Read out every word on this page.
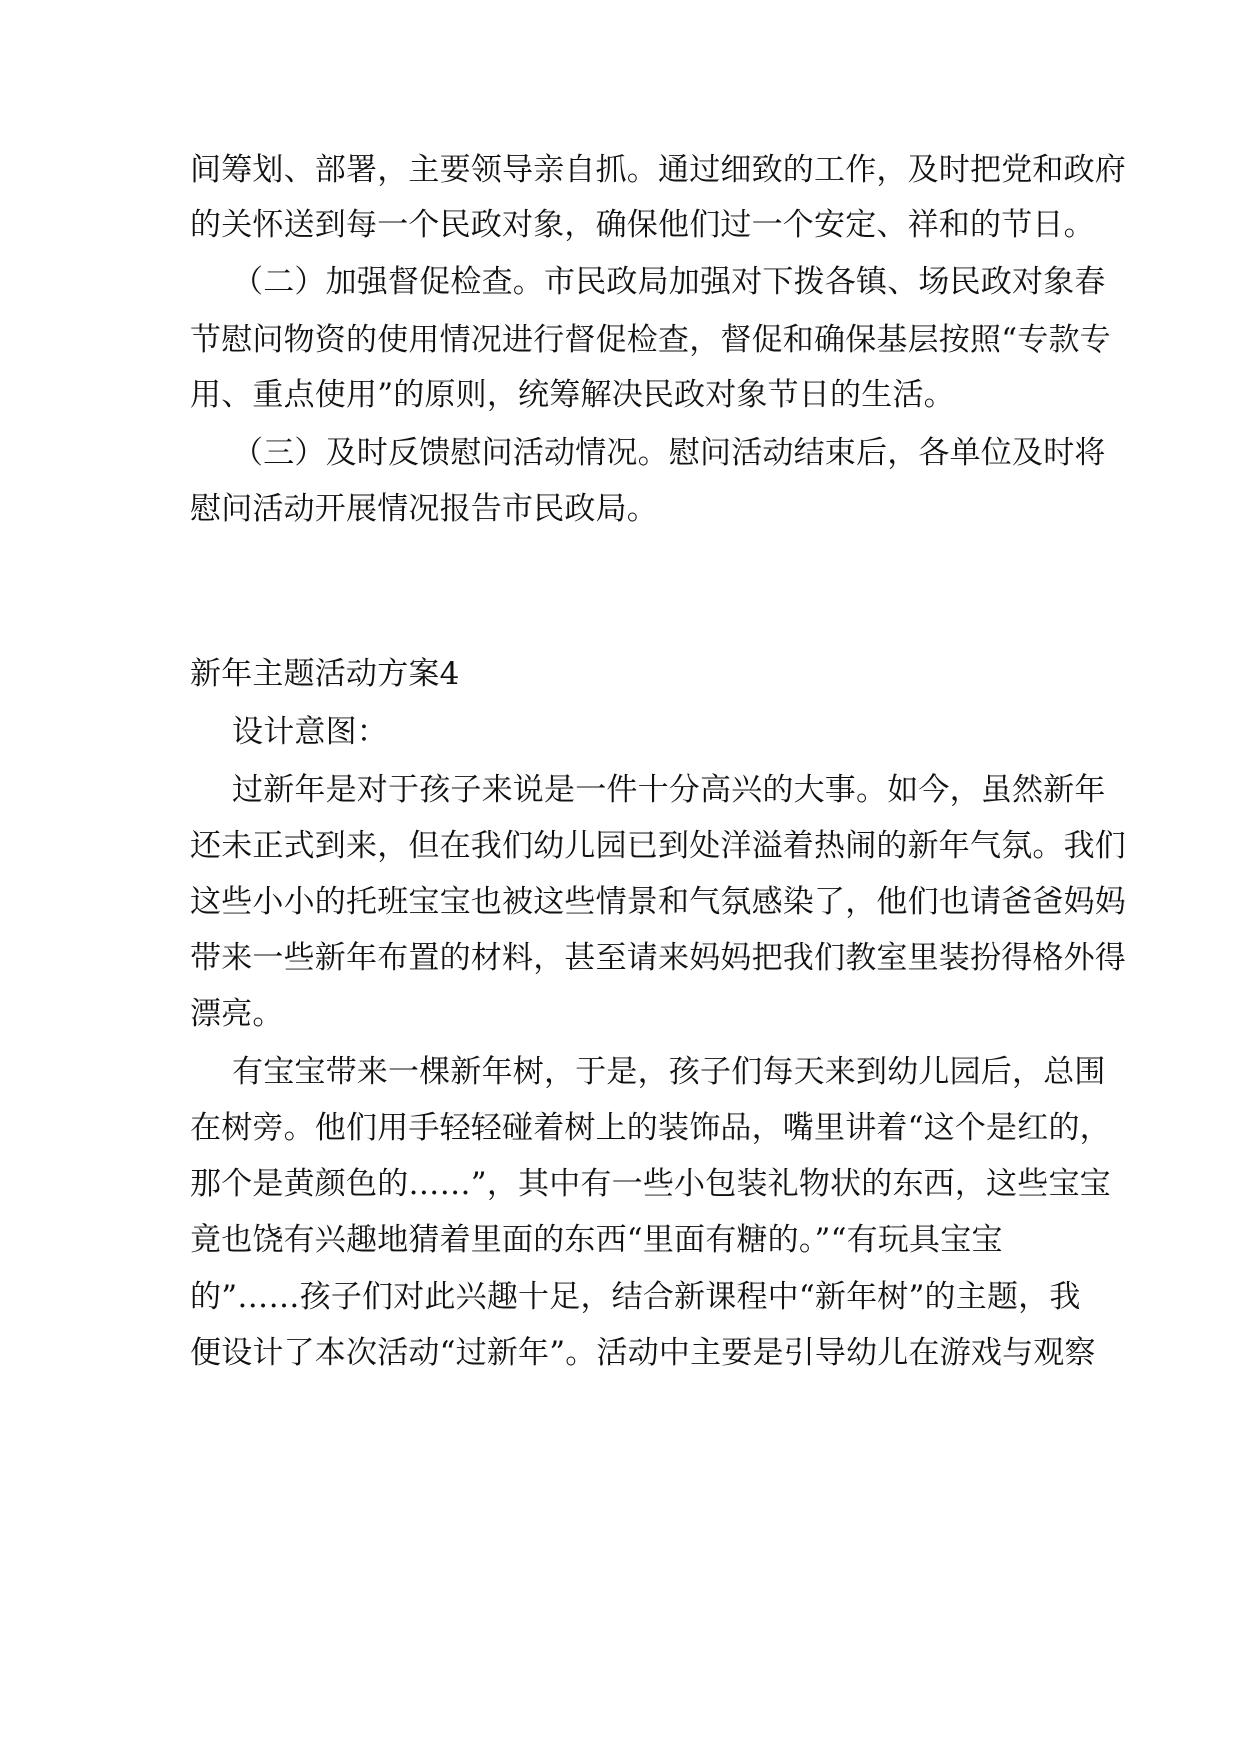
间筹划、部署，主要领导亲自抓。通过细致的工作，及时把党和政府
的关怀送到每一个民政对象，确保他们过一个安定、祥和的节日。
（二）加强督促检查。市民政局加强对下拨各镇、场民政对象春
节慰问物资的使用情况进行督促检查，督促和确保基层按照“专款专
用、重点使用”的原则，统筹解决民政对象节日的生活。
（三）及时反馈慰问活动情况。慰问活动结束后，各单位及时将
慰问活动开展情况报告市民政局。
新年主题活动方案4
设计意图：
过新年是对于孩子来说是一件十分高兴的大事。如今，虽然新年
还未正式到来，但在我们幼儿园已到处洋溢着热闹的新年气氛。我们
这些小小的托班宝宝也被这些情景和气氛感染了，他们也请爸爸妈妈
带来一些新年布置的材料，甚至请来妈妈把我们教室里装扮得格外得
漂亮。
有宝宝带来一棵新年树，于是，孩子们每天来到幼儿园后，总围
在树旁。他们用手轻轻碰着树上的装饰品，嘴里讲着“这个是红的，
那个是黄颜色的……”，其中有一些小包装礼物状的东西，这些宝宝
竟也饶有兴趣地猜着里面的东西“里面有糖的。”“有玩具宝宝
的”……孩子们对此兴趣十足，结合新课程中“新年树”的主题，我
便设计了本次活动“过新年”。活动中主要是引导幼儿在游戏与观察
